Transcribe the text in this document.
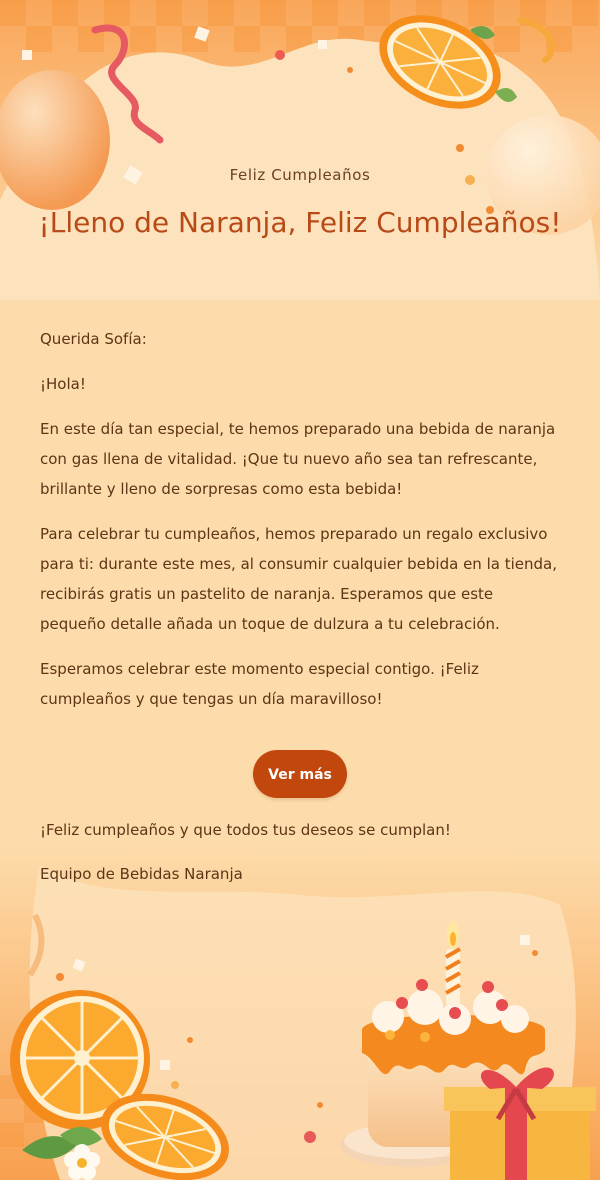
Feliz Cumpleaños
¡Lleno de Naranja, Feliz Cumpleaños!

Querida Sofía:

¡Hola!

En este día tan especial, te hemos preparado una bebida de naranja con gas llena de vitalidad. ¡Que tu nuevo año sea tan refrescante, brillante y lleno de sorpresas como esta bebida!

Para celebrar tu cumpleaños, hemos preparado un regalo exclusivo para ti: durante este mes, al consumir cualquier bebida en la tienda, recibirás gratis un pastelito de naranja. Esperamos que este pequeño detalle añada un toque de dulzura a tu celebración.

Esperamos celebrar este momento especial contigo. ¡Feliz cumpleaños y que tengas un día maravilloso!

Ver más

¡Feliz cumpleaños y que todos tus deseos se cumplan!

Equipo de Bebidas Naranja
